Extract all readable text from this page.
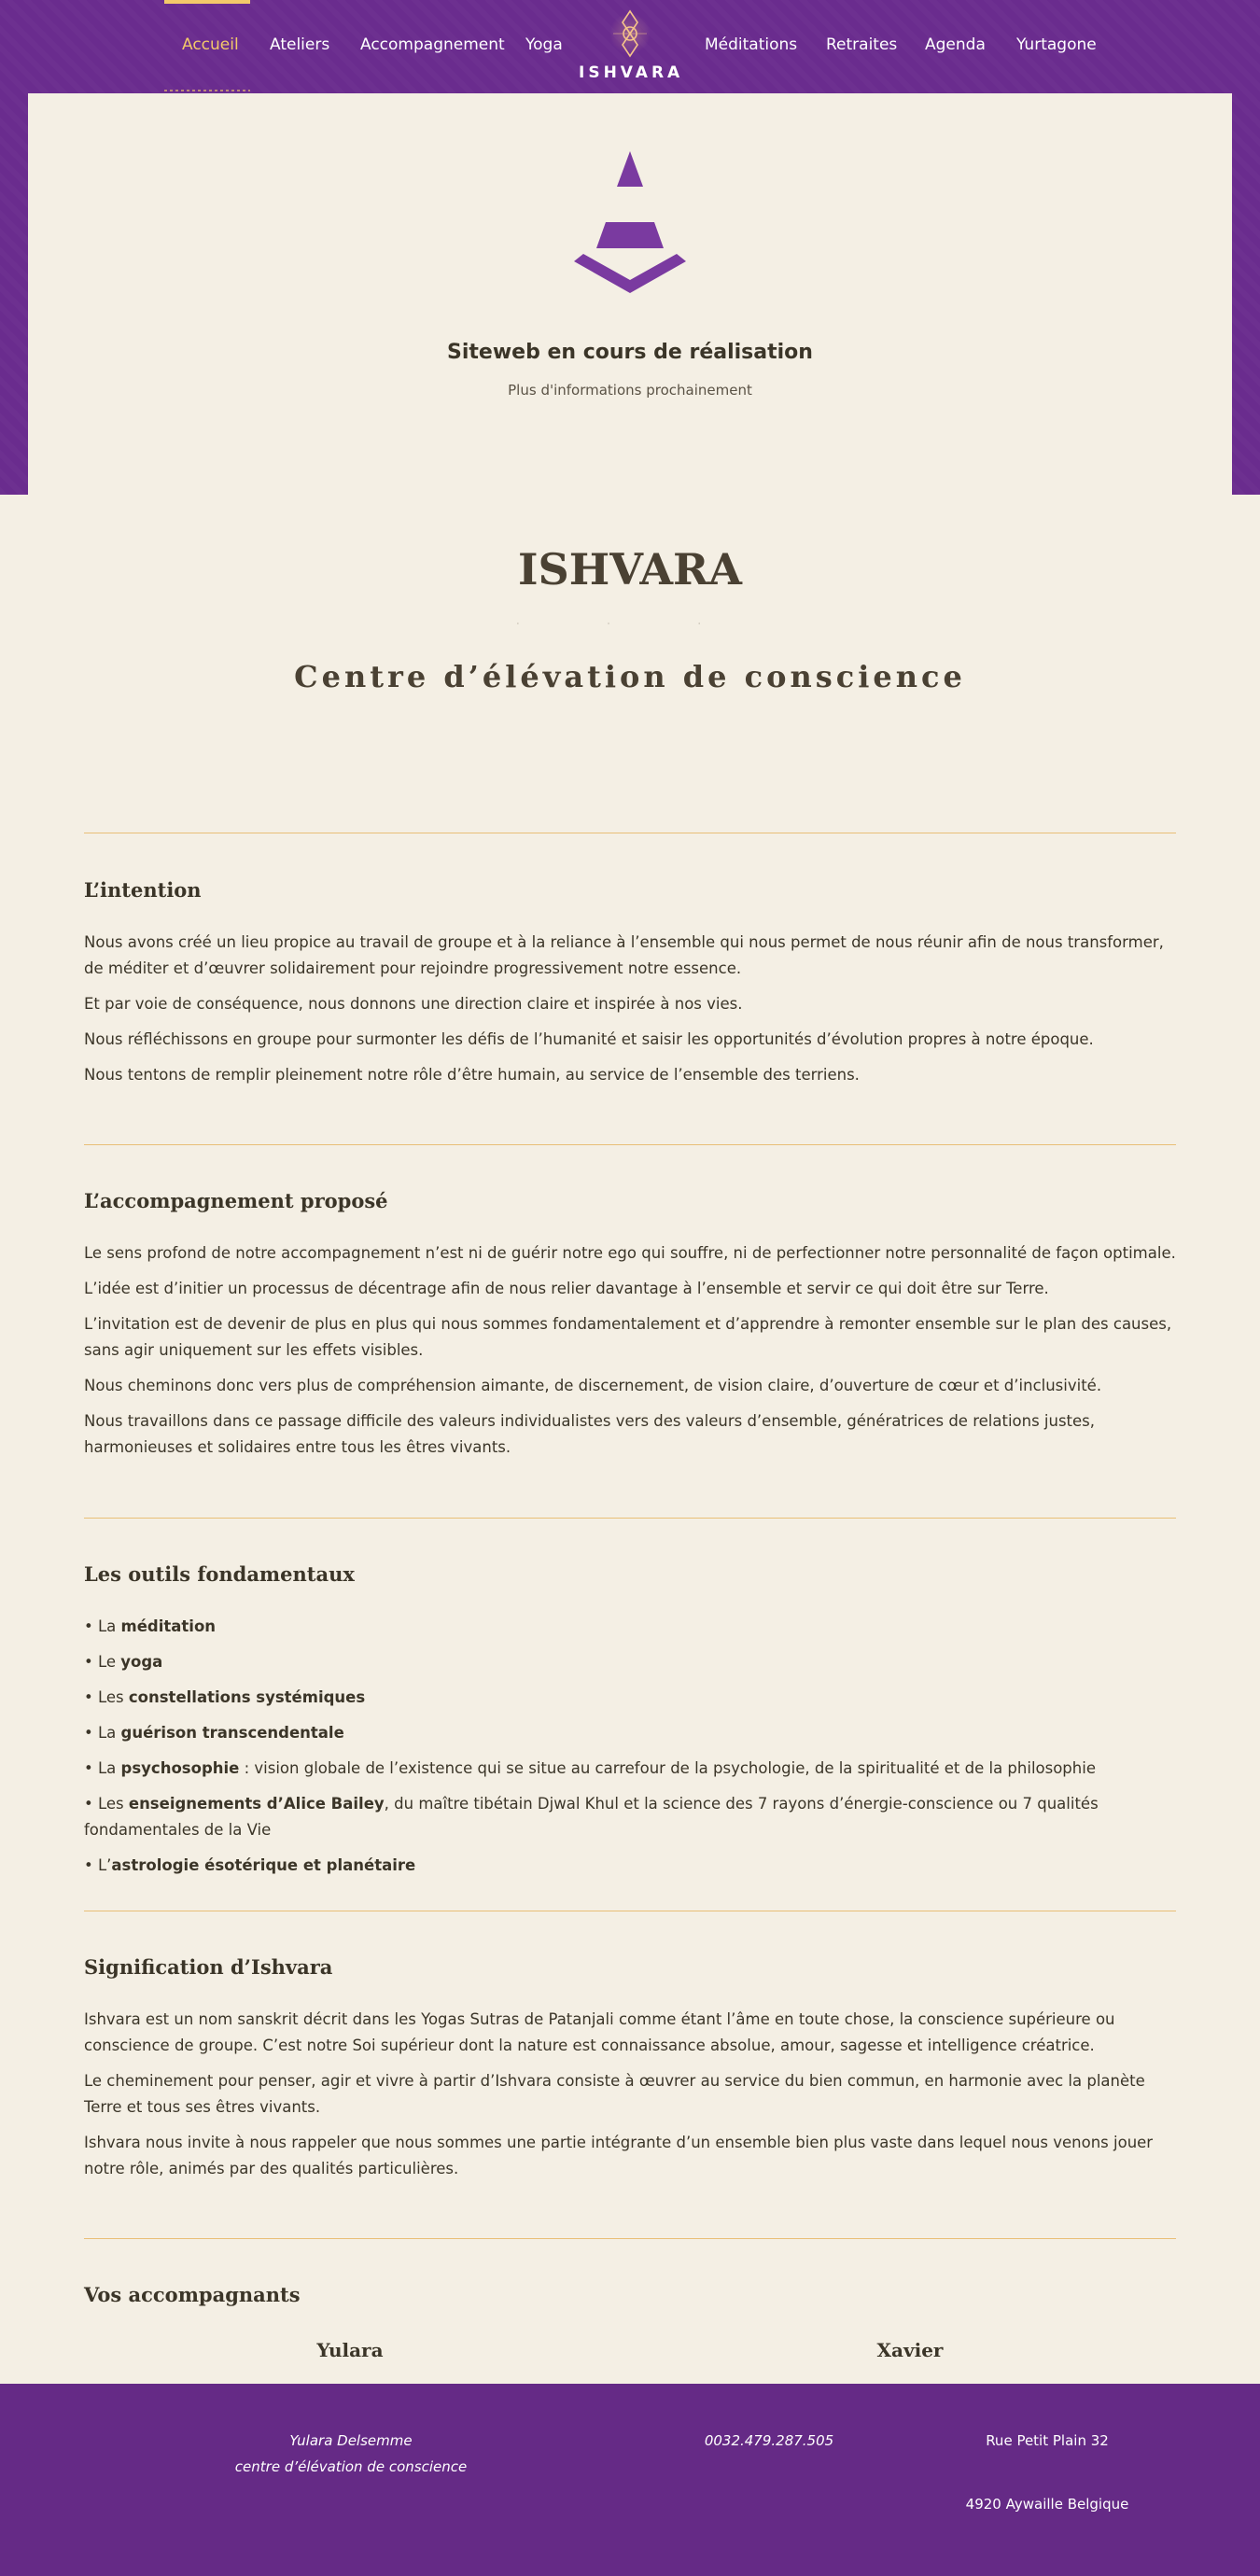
Accueil Ateliers Accompagnement Yoga
ISHVARA
Méditations Retraites Agenda Yurtagone
Siteweb en cours de réalisation
Plus d'informations prochainement
ISHVARA
· · ·
Centre d’élévation de conscience
L’intention

Nous avons créé un lieu propice au travail de groupe et à la reliance à l’ensemble qui nous permet de nous réunir afin de nous transformer, de méditer et d’œuvrer solidairement pour rejoindre progressivement notre essence.

Et par voie de conséquence, nous donnons une direction claire et inspirée à nos vies.

Nous réfléchissons en groupe pour surmonter les défis de l’humanité et saisir les opportunités d’évolution propres à notre époque.

Nous tentons de remplir pleinement notre rôle d’être humain, au service de l’ensemble des terriens.

L’accompagnement proposé

Le sens profond de notre accompagnement n’est ni de guérir notre ego qui souffre, ni de perfectionner notre personnalité de façon optimale.

L’idée est d’initier un processus de décentrage afin de nous relier davantage à l’ensemble et servir ce qui doit être sur Terre.

L’invitation est de devenir de plus en plus qui nous sommes fondamentalement et d’apprendre à remonter ensemble sur le plan des causes, sans agir uniquement sur les effets visibles.

Nous cheminons donc vers plus de compréhension aimante, de discernement, de vision claire, d’ouverture de cœur et d’inclusivité.

Nous travaillons dans ce passage difficile des valeurs individualistes vers des valeurs d’ensemble, génératrices de relations justes, harmonieuses et solidaires entre tous les êtres vivants.

Les outils fondamentaux
• La méditation
• Le yoga
• Les constellations systémiques
• La guérison transcendentale
• La psychosophie : vision globale de l’existence qui se situe au carrefour de la psychologie, de la spiritualité et de la philosophie
• Les enseignements d’Alice Bailey, du maître tibétain Djwal Khul et la science des 7 rayons d’énergie-conscience ou 7 qualités fondamentales de la Vie
• L’astrologie ésotérique et planétaire
Signification d’Ishvara

Ishvara est un nom sanskrit décrit dans les Yogas Sutras de Patanjali comme étant l’âme en toute chose, la conscience supérieure ou conscience de groupe. C’est notre Soi supérieur dont la nature est connaissance absolue, amour, sagesse et intelligence créatrice.

Le cheminement pour penser, agir et vivre à partir d’Ishvara consiste à œuvrer au service du bien commun, en harmonie avec la planète Terre et tous ses êtres vivants.

Ishvara nous invite à nous rappeler que nous sommes une partie intégrante d’un ensemble bien plus vaste dans lequel nous venons jouer notre rôle, animés par des qualités particulières.

Vos accompagnants
Yulara	Xavier
Yulara Delsemme
centre d’élévation de conscience
0032.479.287.505	Rue Petit Plain 32
4920 Aywaille Belgique
